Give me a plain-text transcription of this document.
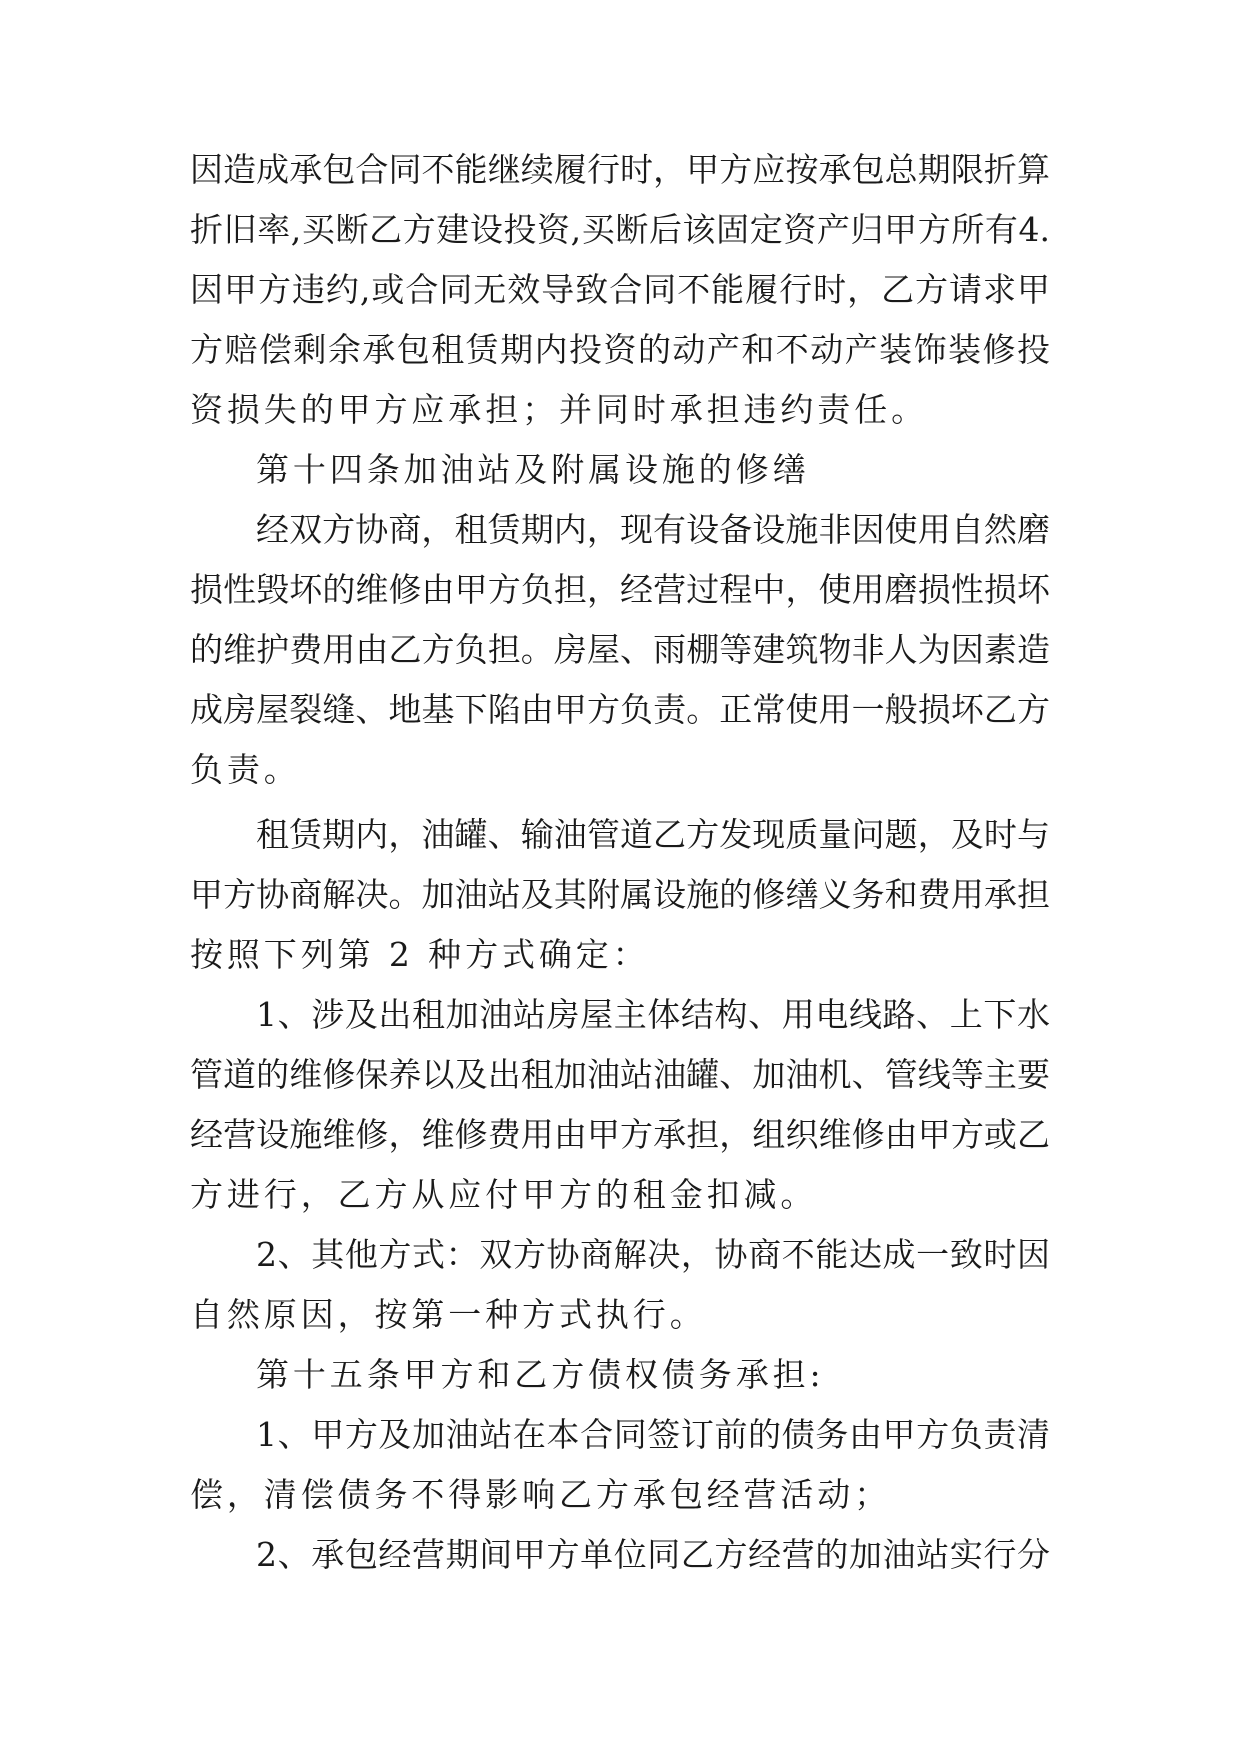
因造成承包合同不能继续履行时，甲方应按承包总期限折算
折旧率,买断乙方建设投资,买断后该固定资产归甲方所有4.
因甲方违约,或合同无效导致合同不能履行时，乙方请求甲
方赔偿剩余承包租赁期内投资的动产和不动产装饰装修投
资损失的甲方应承担；并同时承担违约责任。
第十四条加油站及附属设施的修缮
经双方协商，租赁期内，现有设备设施非因使用自然磨
损性毁坏的维修由甲方负担，经营过程中，使用磨损性损坏
的维护费用由乙方负担。房屋、雨棚等建筑物非人为因素造
成房屋裂缝、地基下陷由甲方负责。正常使用一般损坏乙方
负责。
租赁期内，油罐、输油管道乙方发现质量问题，及时与
甲方协商解决。加油站及其附属设施的修缮义务和费用承担
按照下列第 2 种方式确定：
1、涉及出租加油站房屋主体结构、用电线路、上下水
管道的维修保养以及出租加油站油罐、加油机、管线等主要
经营设施维修，维修费用由甲方承担，组织维修由甲方或乙
方进行，乙方从应付甲方的租金扣减。
2、其他方式：双方协商解决，协商不能达成一致时因
自然原因，按第一种方式执行。
第十五条甲方和乙方债权债务承担:
1、甲方及加油站在本合同签订前的债务由甲方负责清
偿，清偿债务不得影响乙方承包经营活动；
2、承包经营期间甲方单位同乙方经营的加油站实行分
